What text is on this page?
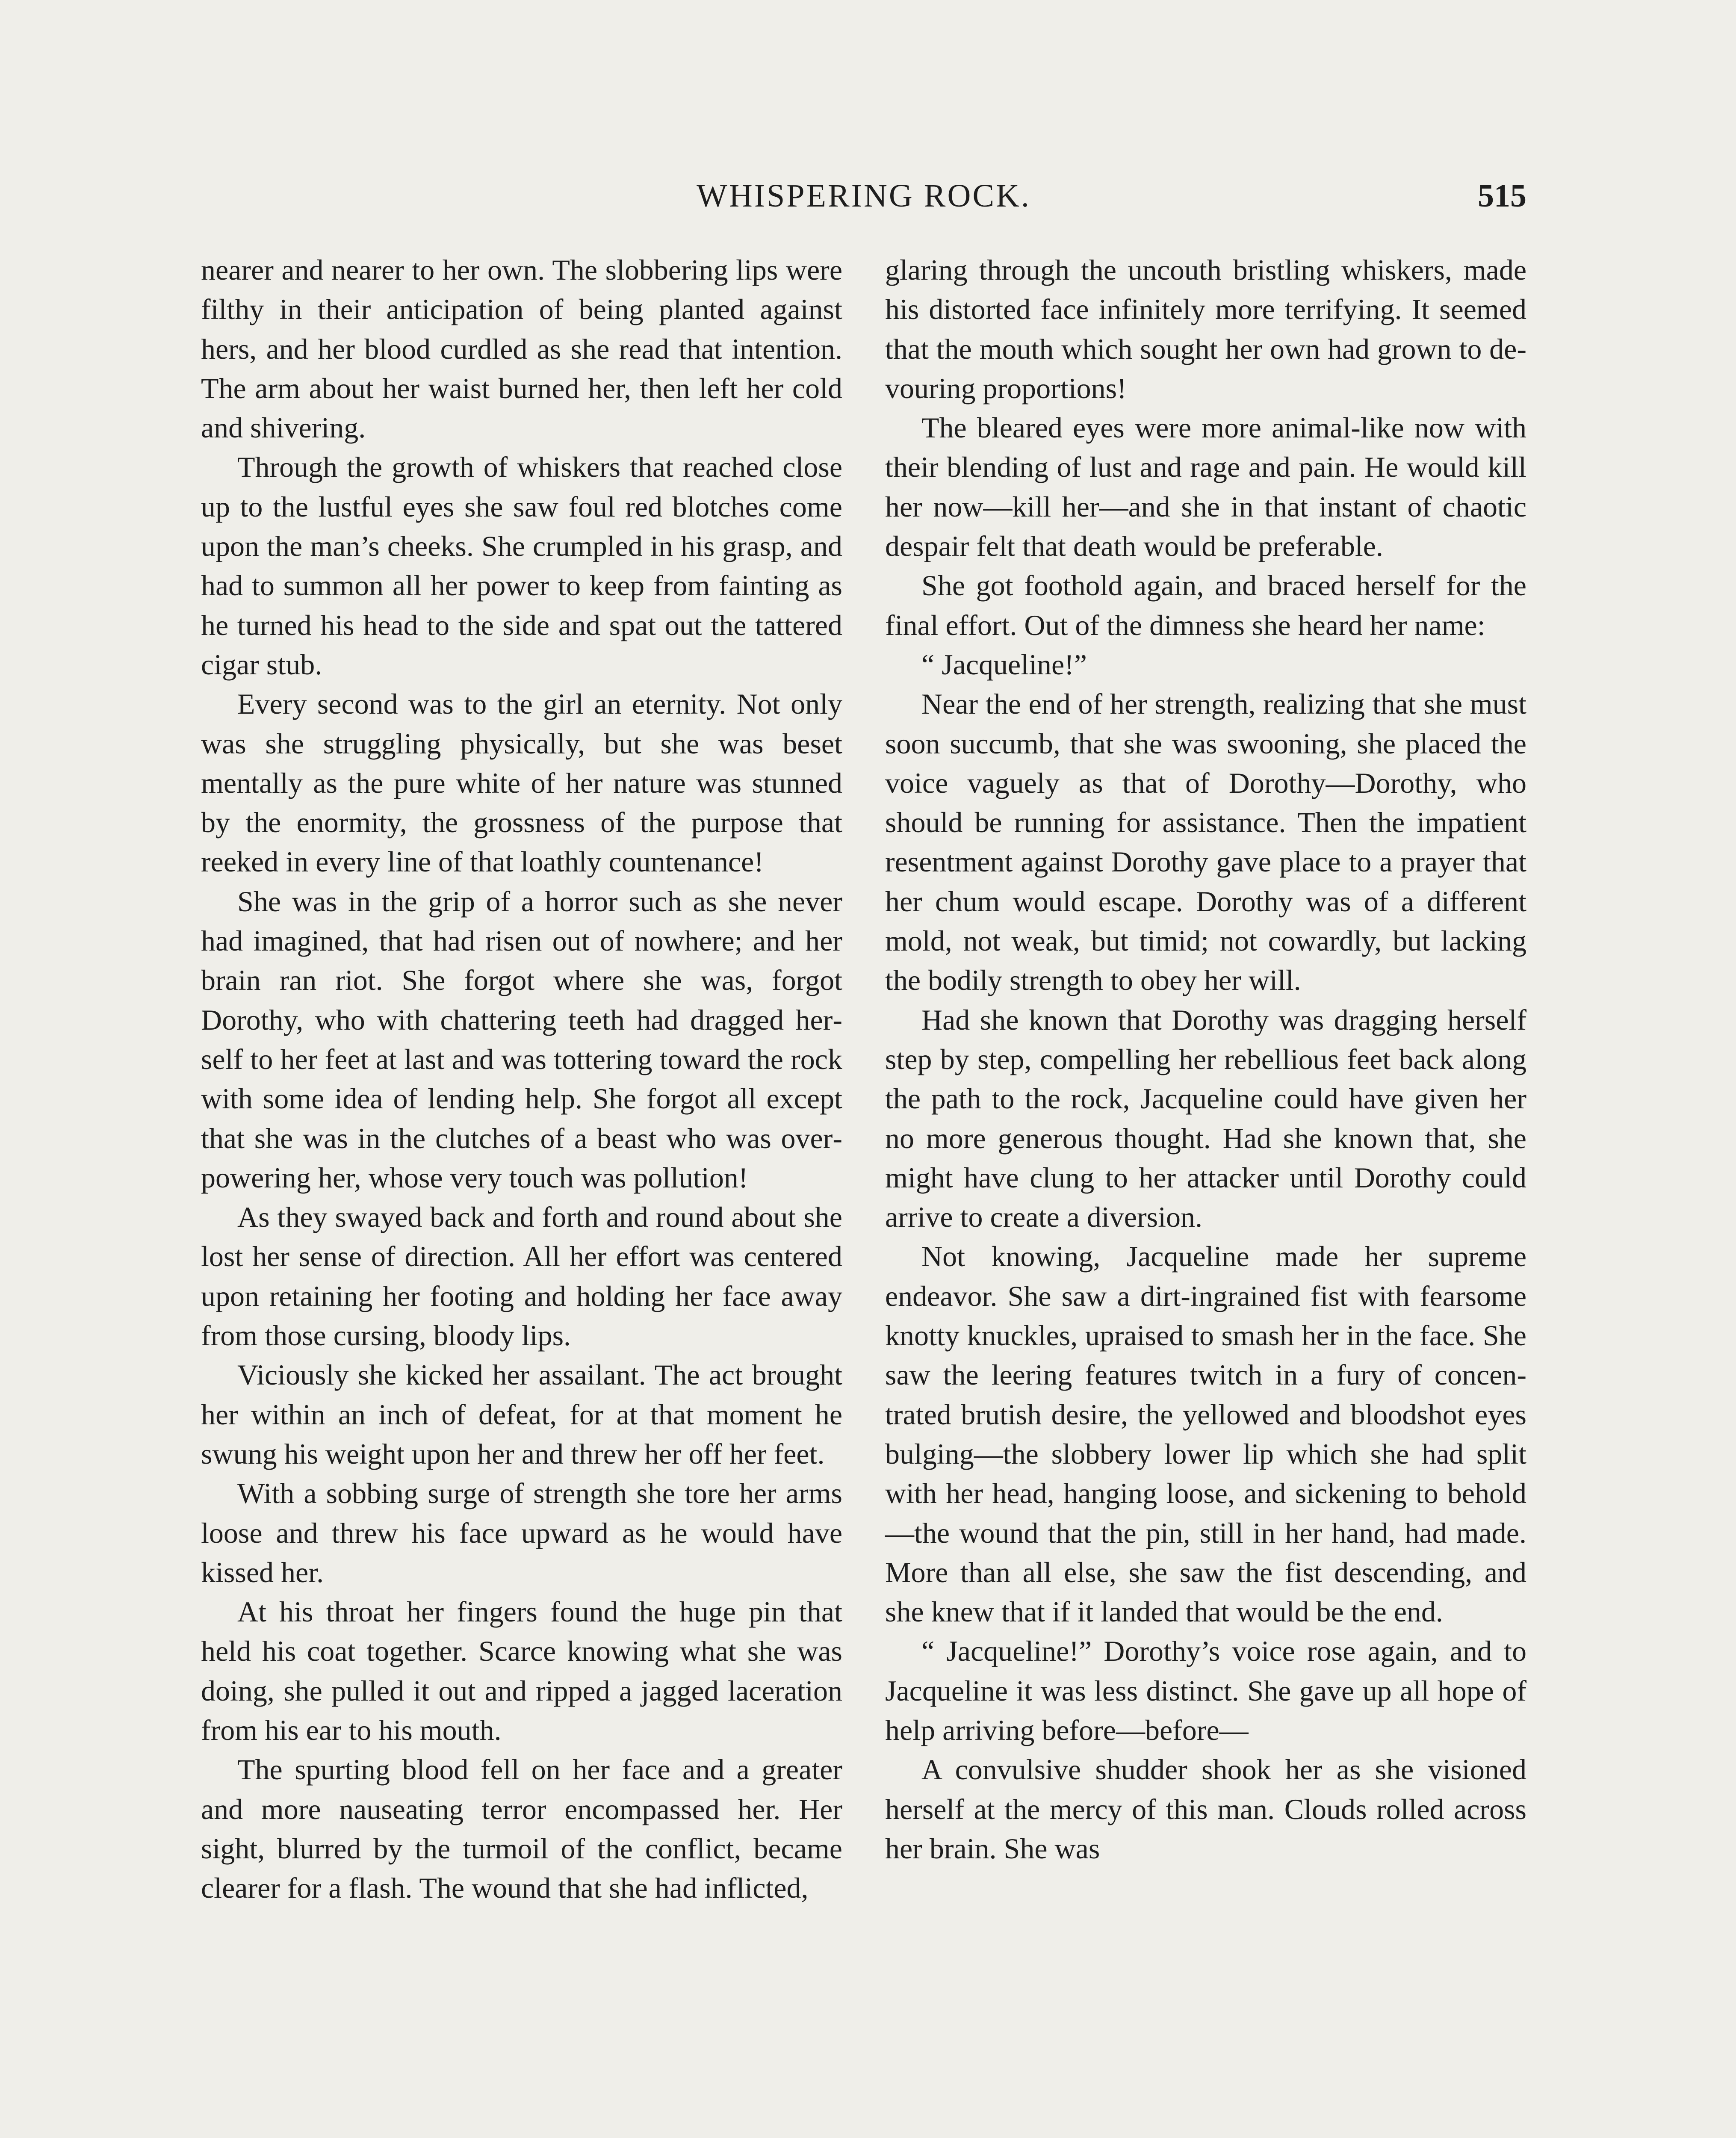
WHISPERING ROCK.	515

nearer and nearer to her own. The slobbering lips were filthy in their anticipation of being planted against hers, and her blood curdled as she read that intention. The arm about her waist burned her, then left her cold and shivering.

Through the growth of whiskers that reached close up to the lustful eyes she saw foul red blotches come upon the man’s cheeks. She crumpled in his grasp, and had to summon all her power to keep from fainting as he turned his head to the side and spat out the tattered cigar stub.

Every second was to the girl an eternity. Not only was she struggling physically, but she was beset mentally as the pure white of her nature was stunned by the enormity, the grossness of the purpose that reeked in every line of that loathly countenance!

She was in the grip of a horror such as she never had imagined, that had risen out of nowhere; and her brain ran riot. She forgot where she was, forgot Dorothy, who with chattering teeth had dragged herself to her feet at last and was tottering toward the rock with some idea of lending help. She forgot all except that she was in the clutches of a beast who was overpowering her, whose very touch was pollution!

As they swayed back and forth and round about she lost her sense of direction. All her effort was centered upon retaining her footing and holding her face away from those cursing, bloody lips.

Viciously she kicked her assailant. The act brought her within an inch of defeat, for at that moment he swung his weight upon her and threw her off her feet.

With a sobbing surge of strength she tore her arms loose and threw his face upward as he would have kissed her.

At his throat her fingers found the huge pin that held his coat together. Scarce knowing what she was doing, she pulled it out and ripped a jagged laceration from his ear to his mouth.

The spurting blood fell on her face and a greater and more nauseating terror encompassed her. Her sight, blurred by the turmoil of the conflict, became clearer for a flash. The wound that she had inflicted,

glaring through the uncouth bristling whiskers, made his distorted face infinitely more terrifying. It seemed that the mouth which sought her own had grown to devouring proportions!

The bleared eyes were more animal-like now with their blending of lust and rage and pain. He would kill her now—kill her—and she in that instant of chaotic despair felt that death would be preferable.

She got foothold again, and braced herself for the final effort. Out of the dimness she heard her name:

“ Jacqueline!”

Near the end of her strength, realizing that she must soon succumb, that she was swooning, she placed the voice vaguely as that of Dorothy—Dorothy, who should be running for assistance. Then the impatient resentment against Dorothy gave place to a prayer that her chum would escape. Dorothy was of a different mold, not weak, but timid; not cowardly, but lacking the bodily strength to obey her will.

Had she known that Dorothy was dragging herself step by step, compelling her rebellious feet back along the path to the rock, Jacqueline could have given her no more generous thought. Had she known that, she might have clung to her attacker until Dorothy could arrive to create a diversion.

Not knowing, Jacqueline made her supreme endeavor. She saw a dirt-ingrained fist with fearsome knotty knuckles, upraised to smash her in the face. She saw the leering features twitch in a fury of concentrated brutish desire, the yellowed and bloodshot eyes bulging—the slobbery lower lip which she had split with her head, hanging loose, and sickening to behold—the wound that the pin, still in her hand, had made. More than all else, she saw the fist descending, and she knew that if it landed that would be the end.

“ Jacqueline!” Dorothy’s voice rose again, and to Jacqueline it was less distinct. She gave up all hope of help arriving before—before—

A convulsive shudder shook her as she visioned herself at the mercy of this man. Clouds rolled across her brain. She was
